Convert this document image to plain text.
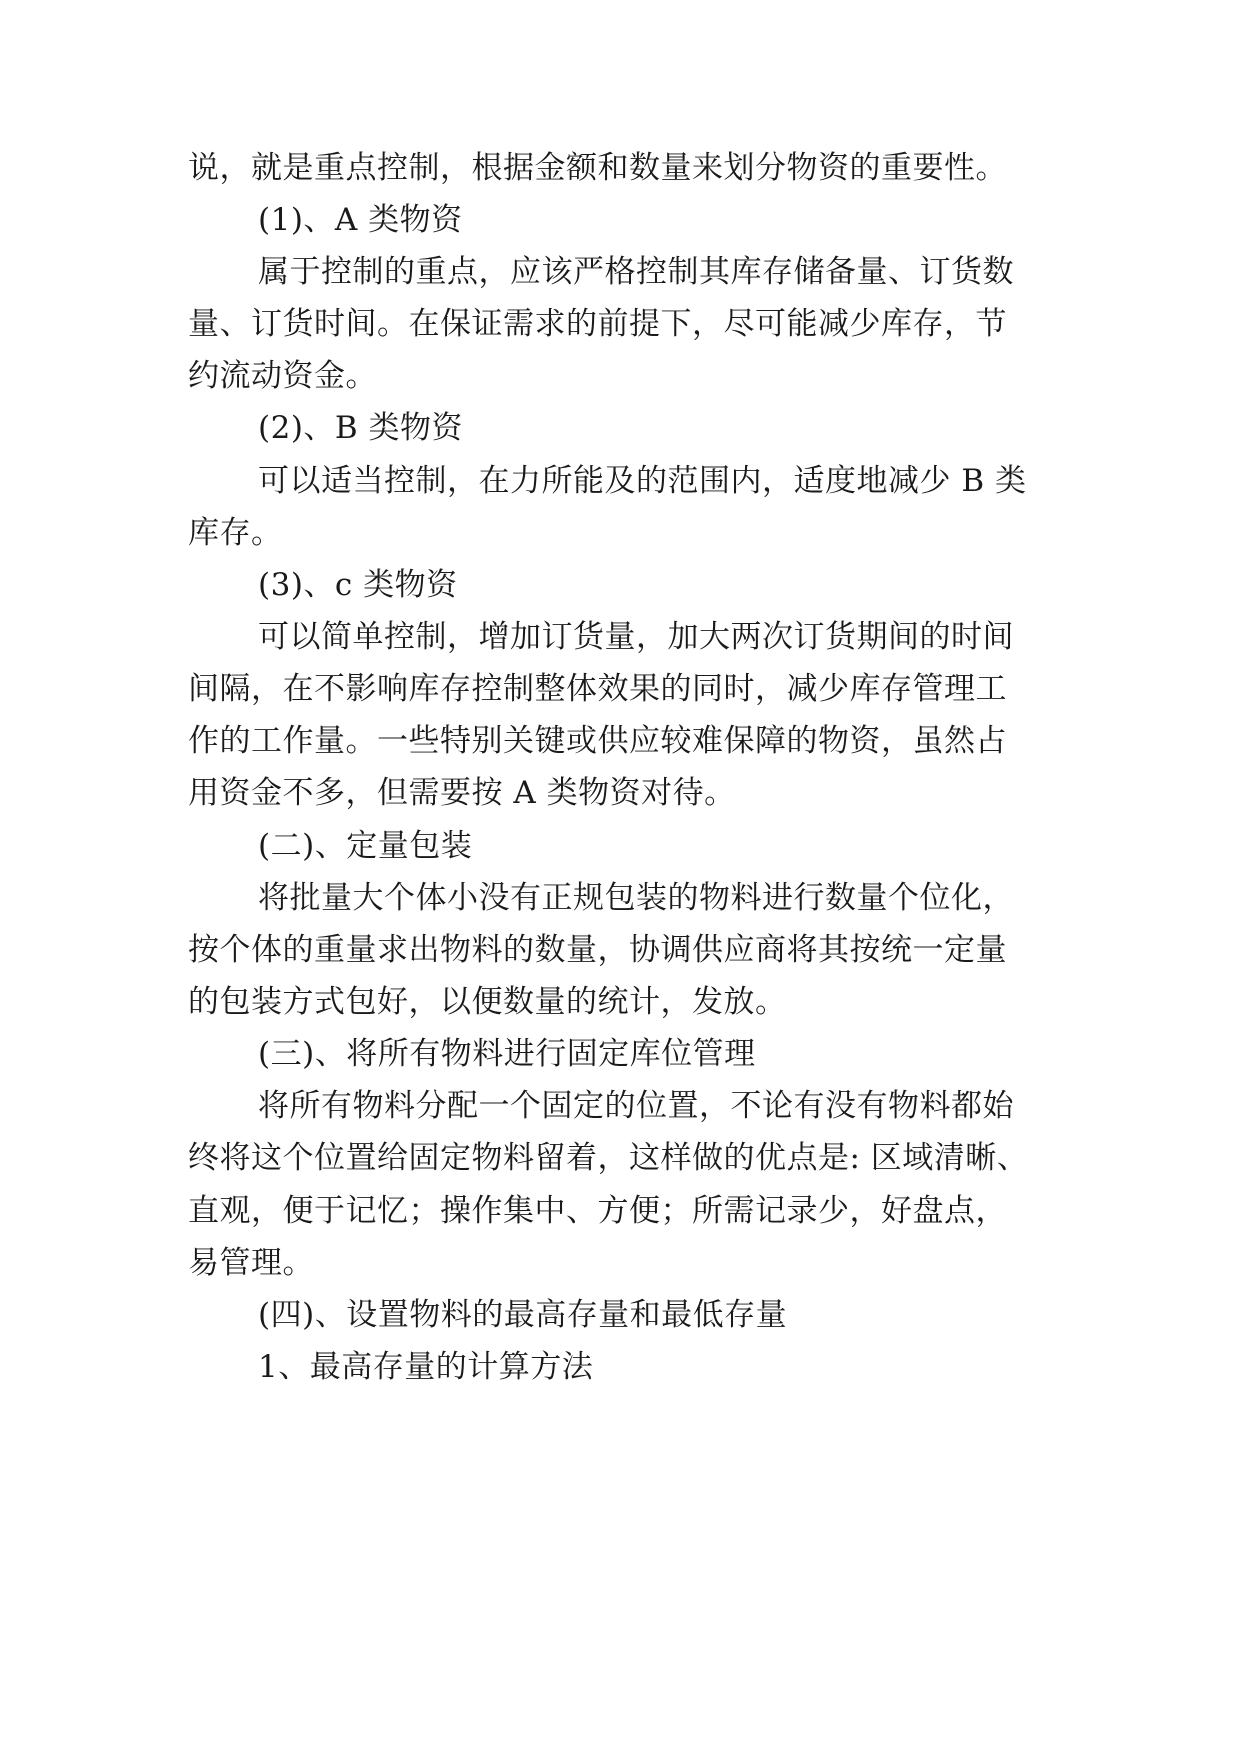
说，就是重点控制，根据金额和数量来划分物资的重要性。
(1)、A 类物资
属于控制的重点，应该严格控制其库存储备量、订货数
量、订货时间。在保证需求的前提下，尽可能减少库存，节
约流动资金。
(2)、B 类物资
可以适当控制，在力所能及的范围内，适度地减少 B 类
库存。
(3)、c 类物资
可以简单控制，增加订货量，加大两次订货期间的时间
间隔，在不影响库存控制整体效果的同时，减少库存管理工
作的工作量。一些特别关键或供应较难保障的物资，虽然占
用资金不多，但需要按 A 类物资对待。
(二)、定量包装
将批量大个体小没有正规包装的物料进行数量个位化，
按个体的重量求出物料的数量，协调供应商将其按统一定量
的包装方式包好，以便数量的统计，发放。
(三)、将所有物料进行固定库位管理
将所有物料分配一个固定的位置，不论有没有物料都始
终将这个位置给固定物料留着，这样做的优点是: 区域清晰、
直观，便于记忆；操作集中、方便；所需记录少，好盘点，
易管理。
(四)、设置物料的最高存量和最低存量
1、最高存量的计算方法
